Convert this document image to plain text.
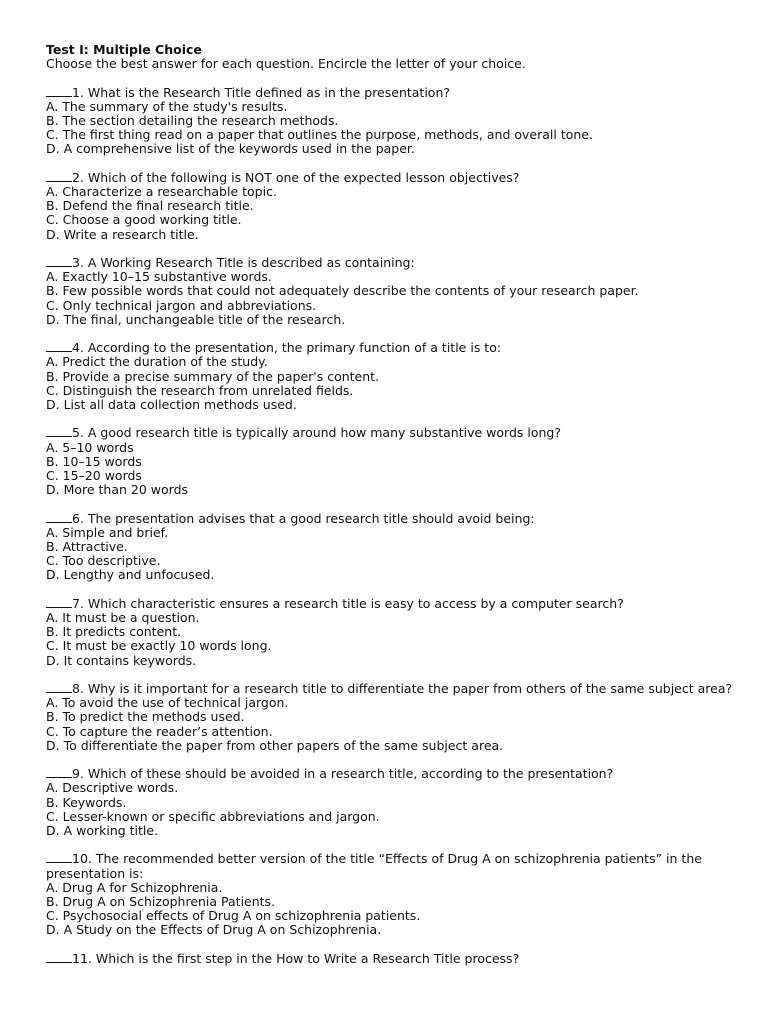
Test I: Multiple Choice

Choose the best answer for each question. Encircle the letter of your choice.

1. What is the Research Title defined as in the presentation?

A. The summary of the study's results.

B. The section detailing the research methods.

C. The first thing read on a paper that outlines the purpose, methods, and overall tone.

D. A comprehensive list of the keywords used in the paper.

2. Which of the following is NOT one of the expected lesson objectives?

A. Characterize a researchable topic.

B. Defend the final research title.

C. Choose a good working title.

D. Write a research title.

3. A Working Research Title is described as containing:

A. Exactly 10–15 substantive words.

B. Few possible words that could not adequately describe the contents of your research paper.

C. Only technical jargon and abbreviations.

D. The final, unchangeable title of the research.

4. According to the presentation, the primary function of a title is to:

A. Predict the duration of the study.

B. Provide a precise summary of the paper's content.

C. Distinguish the research from unrelated fields.

D. List all data collection methods used.

5. A good research title is typically around how many substantive words long?

A. 5–10 words

B. 10–15 words

C. 15–20 words

D. More than 20 words

6. The presentation advises that a good research title should avoid being:

A. Simple and brief.

B. Attractive.

C. Too descriptive.

D. Lengthy and unfocused.

7. Which characteristic ensures a research title is easy to access by a computer search?

A. It must be a question.

B. It predicts content.

C. It must be exactly 10 words long.

D. It contains keywords.

8. Why is it important for a research title to differentiate the paper from others of the same subject area?

A. To avoid the use of technical jargon.

B. To predict the methods used.

C. To capture the reader’s attention.

D. To differentiate the paper from other papers of the same subject area.

9. Which of these should be avoided in a research title, according to the presentation?

A. Descriptive words.

B. Keywords.

C. Lesser-known or specific abbreviations and jargon.

D. A working title.

10. The recommended better version of the title “Effects of Drug A on schizophrenia patients” in the presentation is:

A. Drug A for Schizophrenia.

B. Drug A on Schizophrenia Patients.

C. Psychosocial effects of Drug A on schizophrenia patients.

D. A Study on the Effects of Drug A on Schizophrenia.

11. Which is the first step in the How to Write a Research Title process?
